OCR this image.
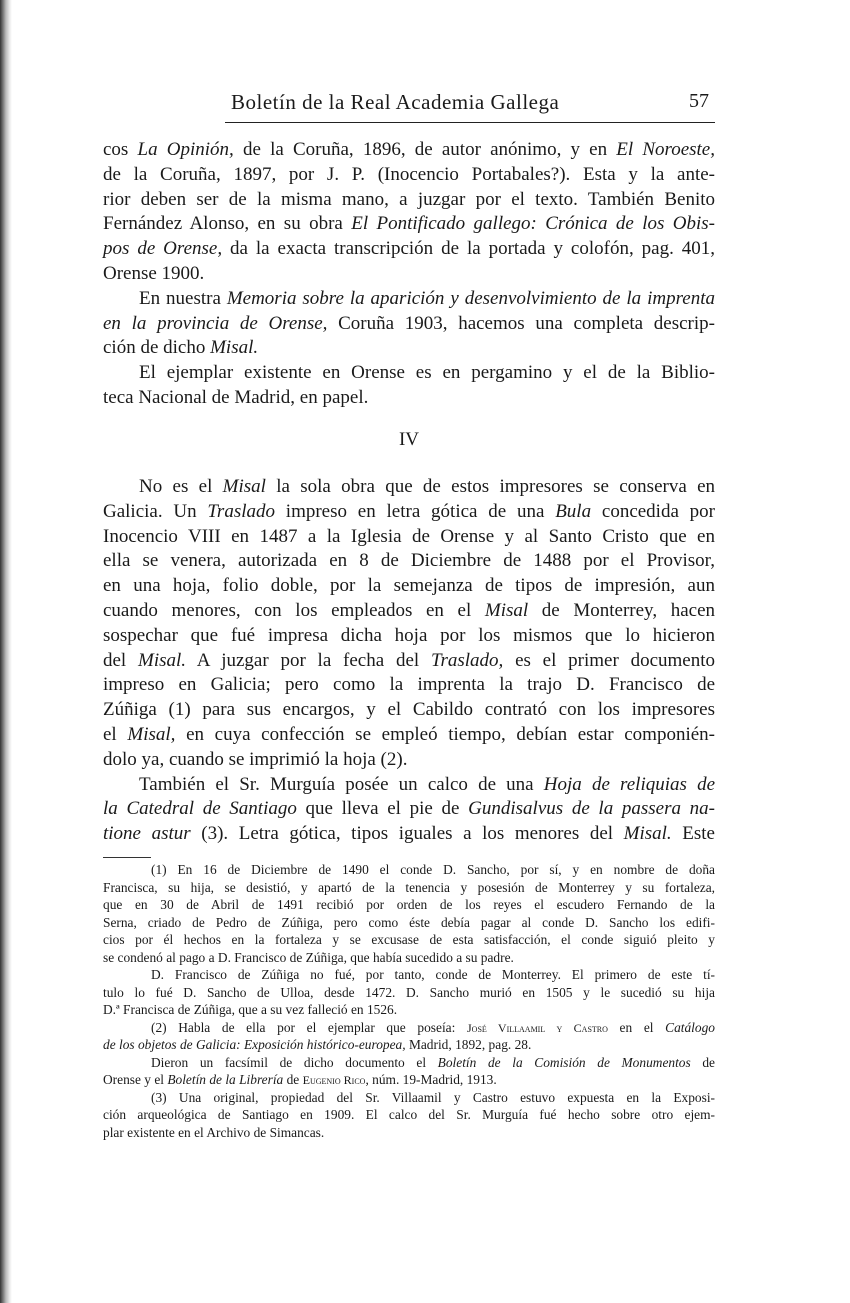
Boletín de la Real Academia Gallega	57
cos La Opinión, de la Coruña, 1896, de autor anónimo, y en El Noroeste,
de la Coruña, 1897, por J. P. (Inocencio Portabales?). Esta y la ante-
rior deben ser de la misma mano, a juzgar por el texto. También Benito
Fernández Alonso, en su obra El Pontificado gallego: Crónica de los Obis-
pos de Orense, da la exacta transcripción de la portada y colofón, pag. 401,
Orense 1900.
En nuestra Memoria sobre la aparición y desenvolvimiento de la imprenta
en la provincia de Orense, Coruña 1903, hacemos una completa descrip-
ción de dicho Misal.
El ejemplar existente en Orense es en pergamino y el de la Biblio-
teca Nacional de Madrid, en papel.
IV
No es el Misal la sola obra que de estos impresores se conserva en
Galicia. Un Traslado impreso en letra gótica de una Bula concedida por
Inocencio VIII en 1487 a la Iglesia de Orense y al Santo Cristo que en
ella se venera, autorizada en 8 de Diciembre de 1488 por el Provisor,
en una hoja, folio doble, por la semejanza de tipos de impresión, aun
cuando menores, con los empleados en el Misal de Monterrey, hacen
sospechar que fué impresa dicha hoja por los mismos que lo hicieron
del Misal. A juzgar por la fecha del Traslado, es el primer documento
impreso en Galicia; pero como la imprenta la trajo D. Francisco de
Zúñiga (1) para sus encargos, y el Cabildo contrató con los impresores
el Misal, en cuya confección se empleó tiempo, debían estar componién-
dolo ya, cuando se imprimió la hoja (2).
También el Sr. Murguía posée un calco de una Hoja de reliquias de
la Catedral de Santiago que lleva el pie de Gundisalvus de la passera na-
tione astur (3). Letra gótica, tipos iguales a los menores del Misal. Este
(1) En 16 de Diciembre de 1490 el conde D. Sancho, por sí, y en nombre de doña
Francisca, su hija, se desistió, y apartó de la tenencia y posesión de Monterrey y su fortaleza,
que en 30 de Abril de 1491 recibió por orden de los reyes el escudero Fernando de la
Serna, criado de Pedro de Zúñiga, pero como éste debía pagar al conde D. Sancho los edifi-
cios por él hechos en la fortaleza y se excusase de esta satisfacción, el conde siguió pleito y
se condenó al pago a D. Francisco de Zúñiga, que había sucedido a su padre.
D. Francisco de Zúñiga no fué, por tanto, conde de Monterrey. El primero de este tí-
tulo lo fué D. Sancho de Ulloa, desde 1472. D. Sancho murió en 1505 y le sucedió su hija
D.ª Francisca de Zúñiga, que a su vez falleció en 1526.
(2) Habla de ella por el ejemplar que poseía: José Villaamil y Castro en el Catálogo
de los objetos de Galicia: Exposición histórico-europea, Madrid, 1892, pag. 28.
Dieron un facsímil de dicho documento el Boletín de la Comisión de Monumentos de
Orense y el Boletín de la Librería de Eugenio Rico, núm. 19-Madrid, 1913.
(3) Una original, propiedad del Sr. Villaamil y Castro estuvo expuesta en la Exposi-
ción arqueológica de Santiago en 1909. El calco del Sr. Murguía fué hecho sobre otro ejem-
plar existente en el Archivo de Simancas.
